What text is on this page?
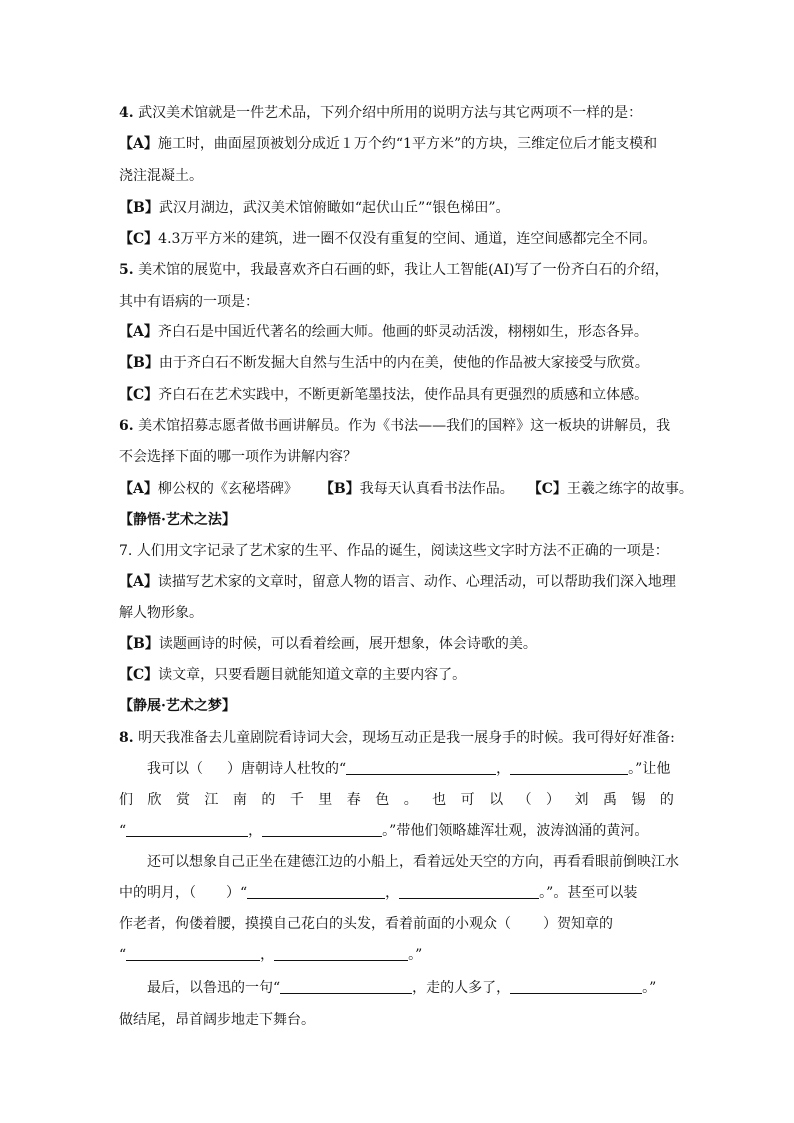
4. 武汉美术馆就是一件艺术品，下列介绍中所用的说明方法与其它两项不一样的是：
【A】施工时，曲面屋顶被划分成近１万个约“1平方米”的方块，三维定位后才能支模和
浇注混凝土。
【B】武汉月湖边，武汉美术馆俯瞰如“起伏山丘”“银色梯田”。
【C】4.3万平方米的建筑，进一圈不仅没有重复的空间、通道，连空间感都完全不同。
5. 美术馆的展览中，我最喜欢齐白石画的虾，我让人工智能(AI)写了一份齐白石的介绍，
其中有语病的一项是：
【A】齐白石是中国近代著名的绘画大师。他画的虾灵动活泼，栩栩如生，形态各异。
【B】由于齐白石不断发掘大自然与生活中的内在美，使他的作品被大家接受与欣赏。
【C】齐白石在艺术实践中，不断更新笔墨技法，使作品具有更强烈的质感和立体感。
6. 美术馆招募志愿者做书画讲解员。作为《书法——我们的国粹》这一板块的讲解员，我
不会选择下面的哪一项作为讲解内容？
【A】柳公权的《玄秘塔碑》 【B】我每天认真看书法作品。 【C】王羲之练字的故事。
【静悟·艺术之法】
7. 人们用文字记录了艺术家的生平、作品的诞生，阅读这些文字时方法不正确的一项是：
【A】读描写艺术家的文章时，留意人物的语言、动作、心理活动，可以帮助我们深入地理
解人物形象。
【B】读题画诗的时候，可以看着绘画，展开想象，体会诗歌的美。
【C】读文章，只要看题目就能知道文章的主要内容了。
【静展·艺术之梦】
8. 明天我准备去儿童剧院看诗词大会，现场互动正是我一展身手的时候。我可得好好准备:
我可以（ ）唐朝诗人杜牧的“	，	。”让他
们 欣 赏 江 南 的 千 里 春 色 。 也 可 以 （ ） 刘 禹 锡 的
“	，	。”带他们领略雄浑壮观，波涛汹涌的黄河。
还可以想象自己正坐在建德江边的小船上，看着远处天空的方向，再看看眼前倒映江水
中的明月，（ ）“	，	。”。甚至可以装
作老者，佝偻着腰，摸摸自己花白的头发，看着前面的小观众（ ）贺知章的
“	，	。”
最后，以鲁迅的一句“	，走的人多了，	。”
做结尾，昂首阔步地走下舞台。
